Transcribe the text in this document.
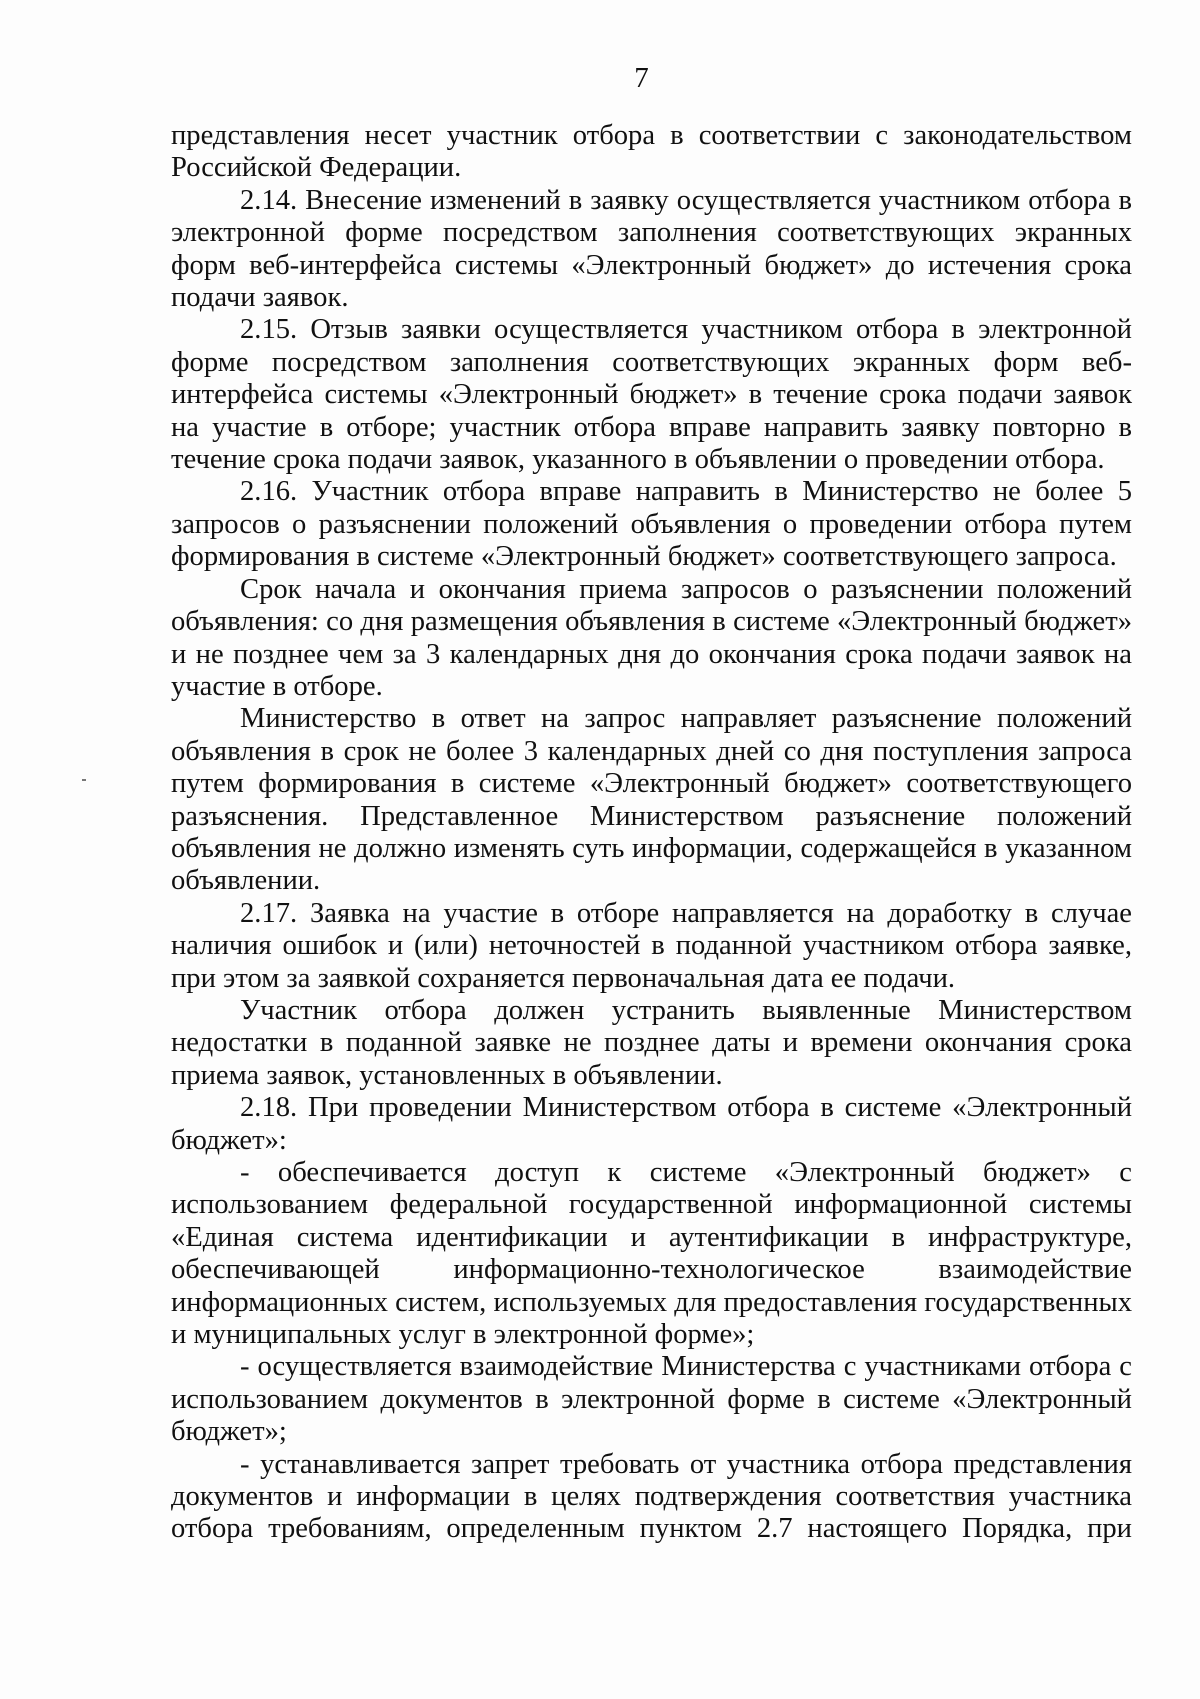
7

представления несет участник отбора в соответствии с законодательством Российской Федерации.

2.14. Внесение изменений в заявку осуществляется участником отбора в электронной форме посредством заполнения соответствующих экранных форм веб-интерфейса системы «Электронный бюджет» до истечения срока подачи заявок.

2.15. Отзыв заявки осуществляется участником отбора в электронной форме посредством заполнения соответствующих экранных форм веб-интерфейса системы «Электронный бюджет» в течение срока подачи заявок на участие в отборе; участник отбора вправе направить заявку повторно в течение срока подачи заявок, указанного в объявлении о проведении отбора.

2.16. Участник отбора вправе направить в Министерство не более 5 запросов о разъяснении положений объявления о проведении отбора путем формирования в системе «Электронный бюджет» соответствующего запроса.

Срок начала и окончания приема запросов о разъяснении положений объявления: со дня размещения объявления в системе «Электронный бюджет» и не позднее чем за 3 календарных дня до окончания срока подачи заявок на участие в отборе.

Министерство в ответ на запрос направляет разъяснение положений объявления в срок не более 3 календарных дней со дня поступления запроса путем формирования в системе «Электронный бюджет» соответствующего разъяснения. Представленное Министерством разъяснение положений объявления не должно изменять суть информации, содержащейся в указанном объявлении.

2.17. Заявка на участие в отборе направляется на доработку в случае наличия ошибок и (или) неточностей в поданной участником отбора заявке, при этом за заявкой сохраняется первоначальная дата ее подачи.

Участник отбора должен устранить выявленные Министерством недостатки в поданной заявке не позднее даты и времени окончания срока приема заявок, установленных в объявлении.

2.18. При проведении Министерством отбора в системе «Электронный бюджет»:

- обеспечивается доступ к системе «Электронный бюджет» с использованием федеральной государственной информационной системы «Единая система идентификации и аутентификации в инфраструктуре, обеспечивающей информационно-технологическое взаимодействие информационных систем, используемых для предоставления государственных и муниципальных услуг в электронной форме»;

- осуществляется взаимодействие Министерства с участниками отбора с использованием документов в электронной форме в системе «Электронный бюджет»;

- устанавливается запрет требовать от участника отбора представления документов и информации в целях подтверждения соответствия участника отбора требованиям, определенным пунктом 2.7 настоящего Порядка, при
